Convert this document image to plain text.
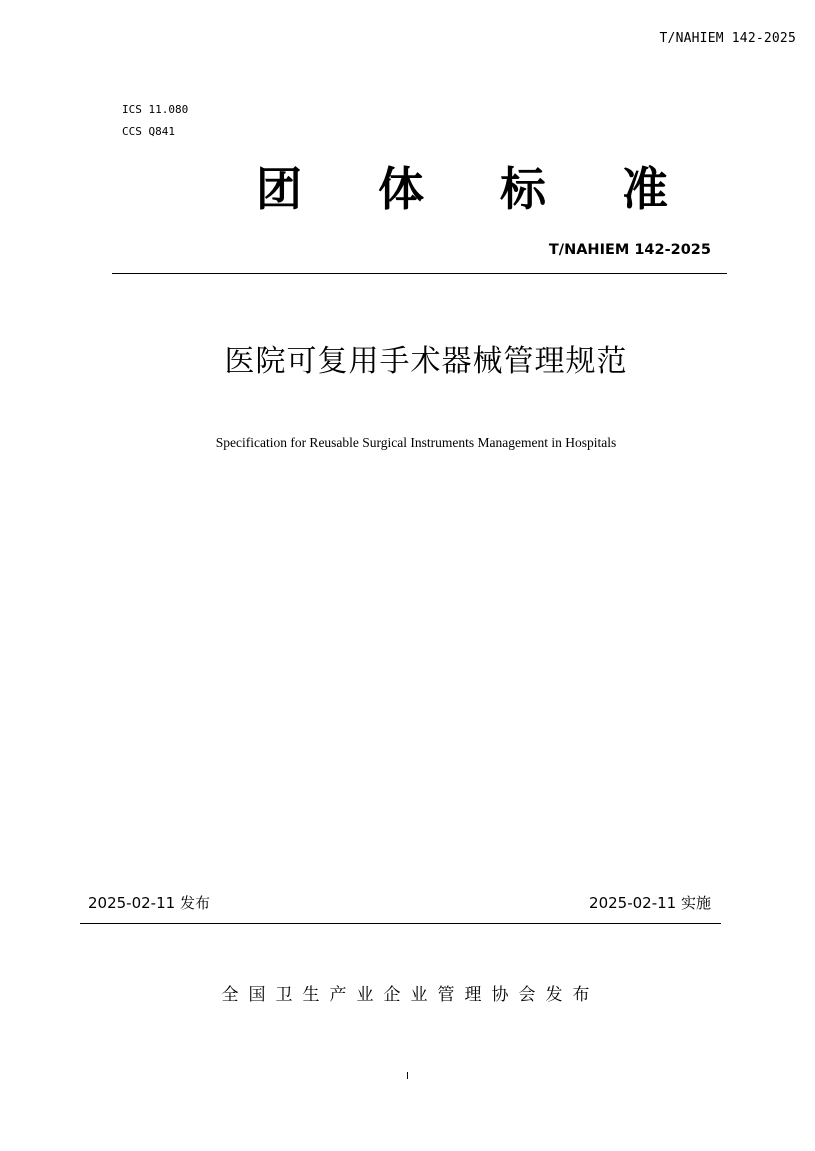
T/NAHIEM 142-2025
ICS 11.080
CCS Q841
团 体 标 准
T/NAHIEM 142-2025
医院可复用手术器械管理规范
Specification for Reusable Surgical Instruments Management in Hospitals
2025-02-11 发布	2025-02-11 实施
全国卫生产业企业管理协会发布
I
